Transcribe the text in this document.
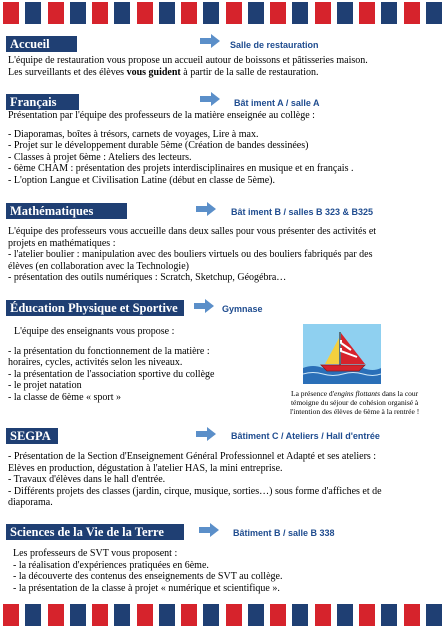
Accueil	Salle de restauration
L'équipe de restauration vous propose un accueil autour de boissons et pâtisseries maison.
Les surveillants et des élèves vous guident à partir de la salle de restauration.
Français	Bât iment A / salle A
Présentation par l'équipe des professeurs de la matière enseignée au collège :
- Diaporamas, boîtes à trésors, carnets de voyages, Lire à max.
- Projet sur le développement durable 5ème (Création de bandes dessinées)
- Classes à projet 6ème : Ateliers des lecteurs.
- 6ème CHAM : présentation des projets interdisciplinaires en musique et en français .
- L'option Langue et Civilisation Latine (début en classe de 5ème).
Mathématiques	Bât iment B / salles B 323 & B325
L'équipe des professeurs vous accueille dans deux salles pour vous présenter des activités et
projets en mathématiques :
- l'atelier boulier : manipulation avec des bouliers virtuels ou des bouliers fabriqués par des
élèves (en collaboration avec la Technologie)
- présentation des outils numériques : Scratch, Sketchup, Géogébra…
Éducation Physique et Sportive	Gymnase
L'équipe des enseignants vous propose :
- la présentation du fonctionnement de la matière :
horaires, cycles, activités selon les niveaux.
- la présentation de l'association sportive du collège
- le projet natation
- la classe de 6ème « sport »	La présence d'engins flottants dans la cour
témoigne du séjour de cohésion organisé à
l'intention des élèves de 6ème à la rentrée !
SEGPA	Bâtiment C / Ateliers / Hall d'entrée
- Présentation de la Section d'Enseignement Général Professionnel et Adapté et ses ateliers :
Elèves en production, dégustation à l'atelier HAS, la mini entreprise.
- Travaux d'élèves dans le hall d'entrée.
- Différents projets des classes (jardin, cirque, musique, sorties…) sous forme d'affiches et de
diaporama.
Sciences de la Vie de la Terre	Bâtiment B / salle B 338
Les professeurs de SVT vous proposent :
- la réalisation d'expériences pratiquées en 6ème.
- la découverte des contenus des enseignements de SVT au collège.
- la présentation de la classe à projet « numérique et scientifique ».
